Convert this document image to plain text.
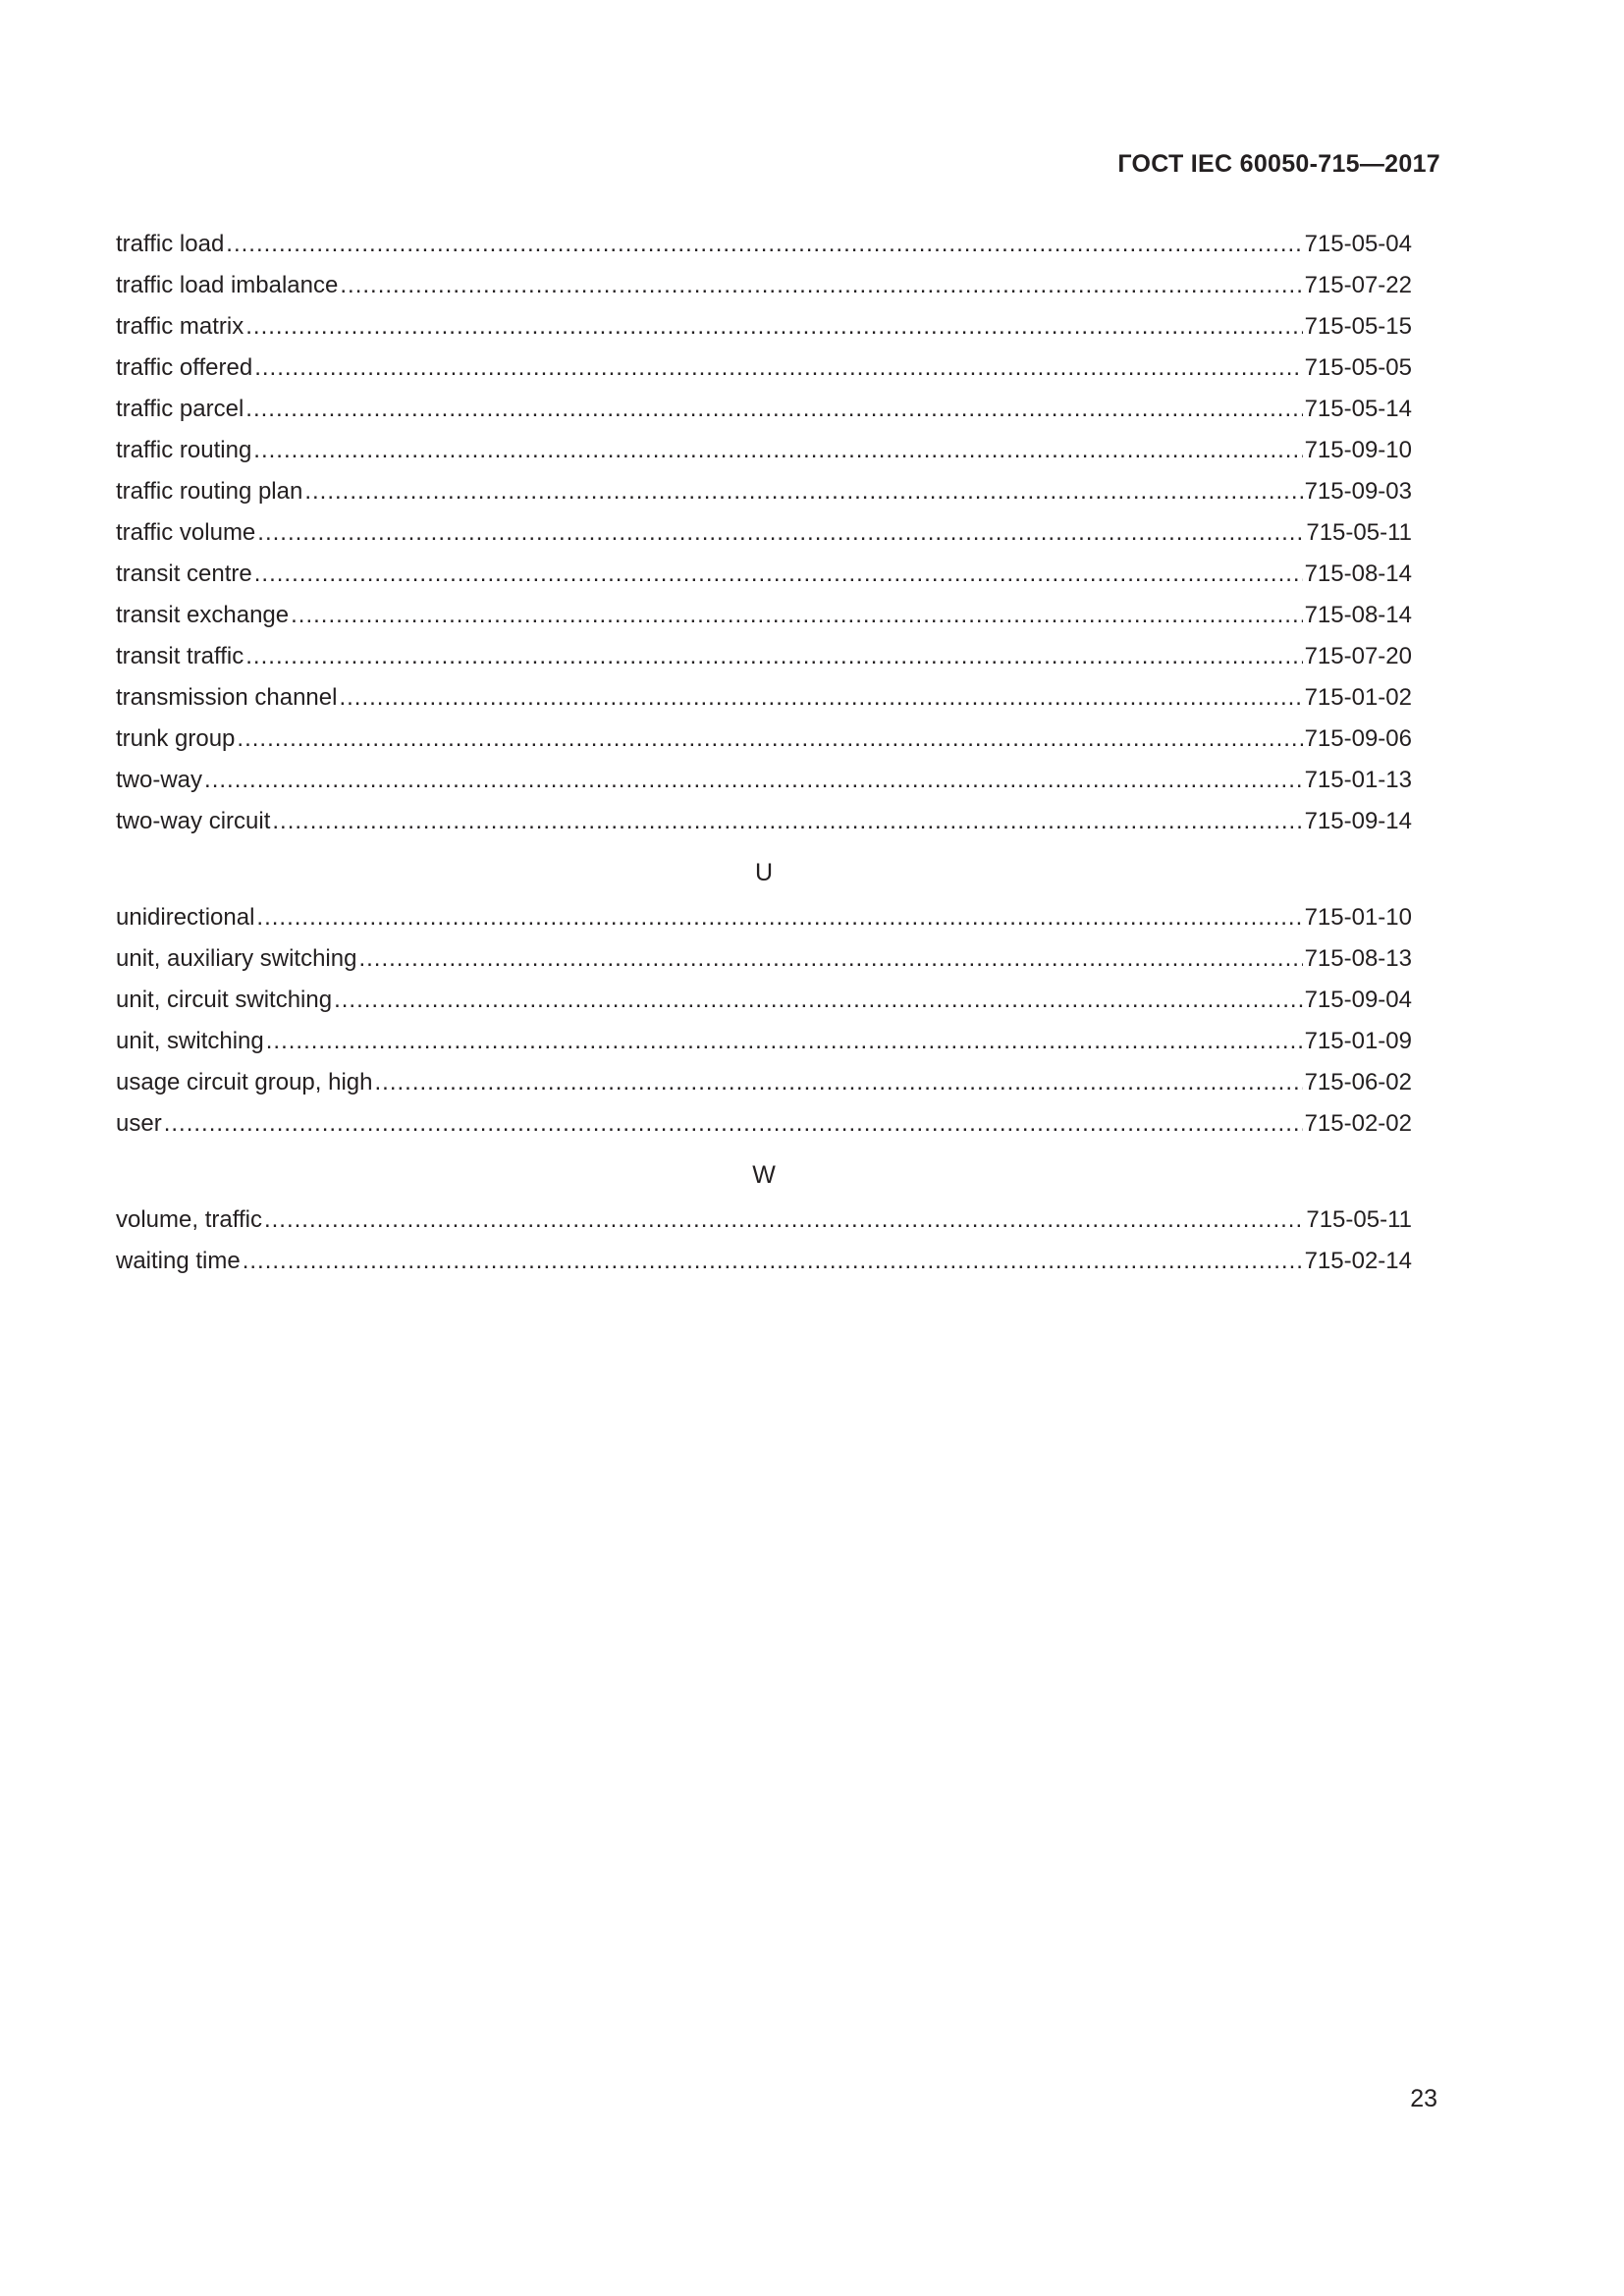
ГОСТ IEC 60050-715—2017
traffic load .....	715-05-04
traffic load imbalance .....	715-07-22
traffic matrix .....	715-05-15
traffic offered .....	715-05-05
traffic parcel .....	715-05-14
traffic routing .....	715-09-10
traffic routing plan .....	715-09-03
traffic volume .....	715-05-11
transit centre .....	715-08-14
transit exchange .....	715-08-14
transit traffic .....	715-07-20
transmission channel .....	715-01-02
trunk group .....	715-09-06
two-way .....	715-01-13
two-way circuit .....	715-09-14
U
unidirectional .....	715-01-10
unit, auxiliary switching .....	715-08-13
unit, circuit switching .....	715-09-04
unit, switching .....	715-01-09
usage circuit group, high .....	715-06-02
user .....	715-02-02
W
volume, traffic .....	715-05-11
waiting time .....	715-02-14
23
